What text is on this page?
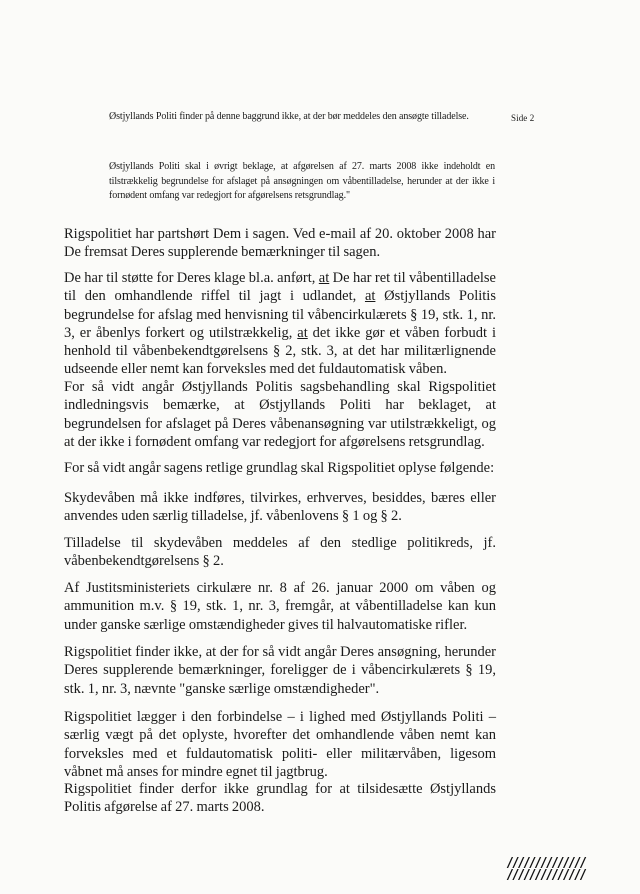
Side 2
Østjyllands Politi finder på denne baggrund ikke, at der bør meddeles den ansøgte tilladelse.
Østjyllands Politi skal i øvrigt beklage, at afgørelsen af 27. marts 2008 ikke indeholdt en tilstrækkelig begrundelse for afslaget på ansøgningen om våbentilladelse, herunder at der ikke i fornødent omfang var redegjort for afgørelsens retsgrundlag."
Rigspolitiet har partshørt Dem i sagen. Ved e-mail af 20. oktober 2008 har De fremsat Deres supplerende bemærkninger til sagen.
De har til støtte for Deres klage bl.a. anført, at De har ret til våbentilladelse til den omhandlende riffel til jagt i udlandet, at Østjyllands Politis begrundelse for afslag med henvisning til våbencirkulærets § 19, stk. 1, nr. 3, er åbenlys forkert og utilstrækkelig, at det ikke gør et våben forbudt i henhold til våbenbekendtgørelsens § 2, stk. 3, at det har militærlignende udseende eller nemt kan forveksles med det fuldautomatisk våben.
For så vidt angår Østjyllands Politis sagsbehandling skal Rigspolitiet indledningsvis bemærke, at Østjyllands Politi har beklaget, at begrundelsen for afslaget på Deres våbenansøgning var utilstrækkeligt, og at der ikke i fornødent omfang var redegjort for afgørelsens retsgrundlag.
For så vidt angår sagens retlige grundlag skal Rigspolitiet oplyse følgende:
Skydevåben må ikke indføres, tilvirkes, erhverves, besiddes, bæres eller anvendes uden særlig tilladelse, jf. våbenlovens § 1 og § 2.
Tilladelse til skydevåben meddeles af den stedlige politikreds, jf. våbenbekendtgørelsens § 2.
Af Justitsministeriets cirkulære nr. 8 af 26. januar 2000 om våben og ammunition m.v. § 19, stk. 1, nr. 3, fremgår, at våbentilladelse kan kun under ganske særlige omstændigheder gives til halvautomatiske rifler.
Rigspolitiet finder ikke, at der for så vidt angår Deres ansøgning, herunder Deres supplerende bemærkninger, foreligger de i våbencirkulærets § 19, stk. 1, nr. 3, nævnte "ganske særlige omstændigheder".
Rigspolitiet lægger i den forbindelse – i lighed med Østjyllands Politi – særlig vægt på det oplyste, hvorefter det omhandlende våben nemt kan forveksles med et fuldautomatisk politi- eller militærvåben, ligesom våbnet må anses for mindre egnet til jagtbrug.
Rigspolitiet finder derfor ikke grundlag for at tilsidesætte Østjyllands Politis afgørelse af 27. marts 2008.
//////////////
//////////////
